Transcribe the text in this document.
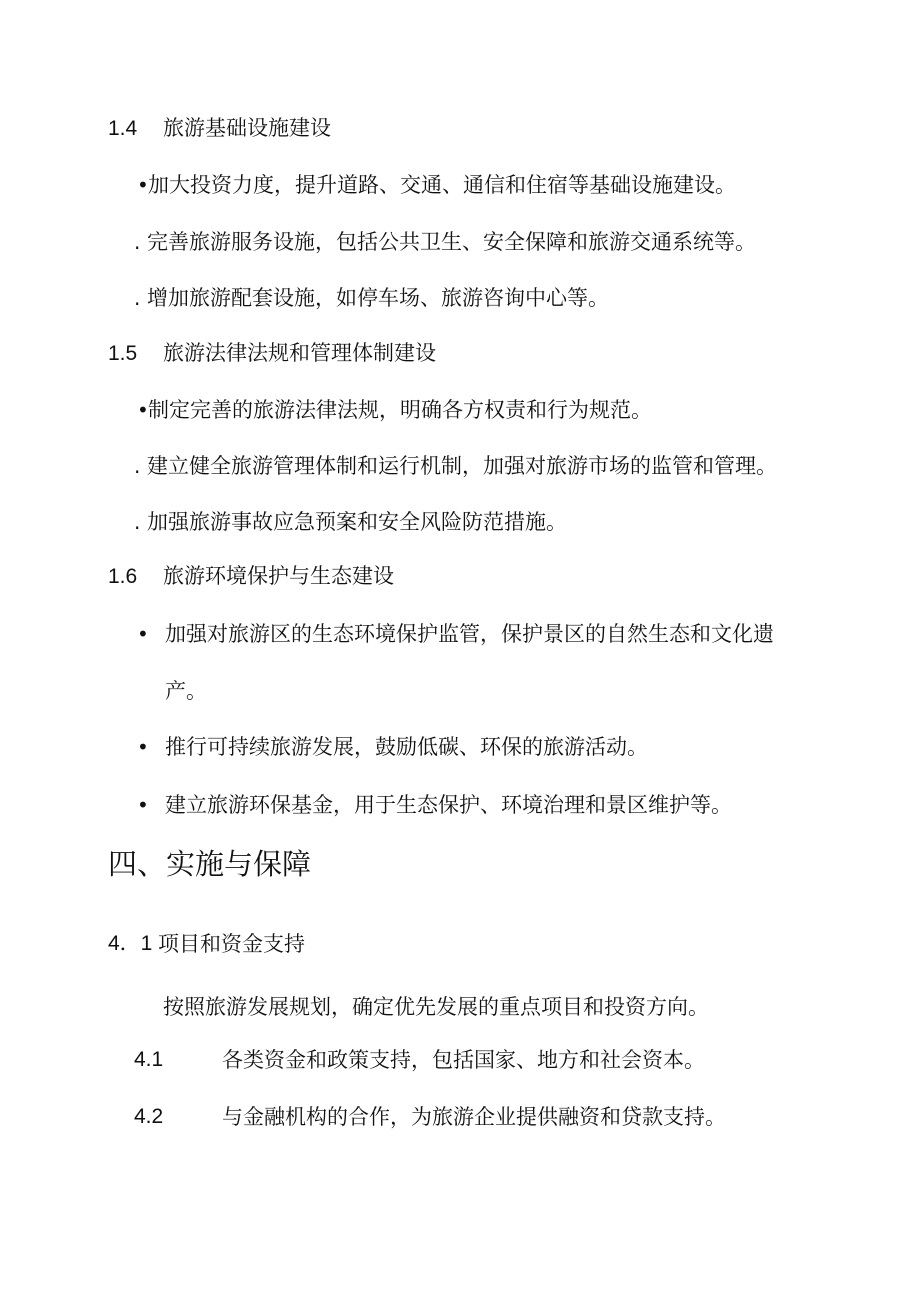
1.4 旅游基础设施建设
• 加大投资力度，提升道路、交通、通信和住宿等基础设施建设。
. 完善旅游服务设施，包括公共卫生、安全保障和旅游交通系统等。
. 增加旅游配套设施，如停车场、旅游咨询中心等。
1.5 旅游法律法规和管理体制建设
• 制定完善的旅游法律法规，明确各方权责和行为规范。
. 建立健全旅游管理体制和运行机制，加强对旅游市场的监管和管理。
. 加强旅游事故应急预案和安全风险防范措施。
1.6 旅游环境保护与生态建设
• 加强对旅游区的生态环境保护监管，保护景区的自然生态和文化遗
产。
• 推行可持续旅游发展，鼓励低碳、环保的旅游活动。
• 建立旅游环保基金，用于生态保护、环境治理和景区维护等。
四、实施与保障
4．1 项目和资金支持
按照旅游发展规划，确定优先发展的重点项目和投资方向。
4.1	各类资金和政策支持，包括国家、地方和社会资本。
4.2	与金融机构的合作，为旅游企业提供融资和贷款支持。
